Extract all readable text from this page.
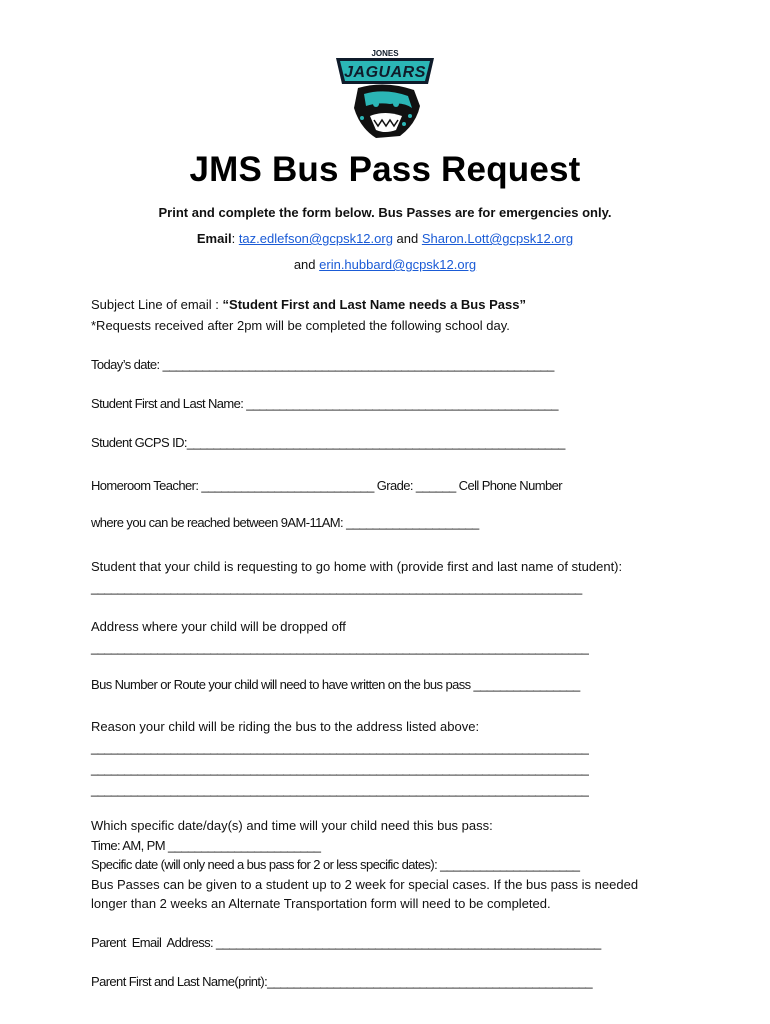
JONES
JAGUARS
JMS Bus Pass Request
Print and complete the form below. Bus Passes are for emergencies only.
Email: taz.edlefson@gcpsk12.org and Sharon.Lott@gcpsk12.org
and erin.hubbard@gcpsk12.org
Subject Line of email : “Student First and Last Name needs a Bus Pass”
*Requests received after 2pm will be completed the following school day.
Today’s date: ___________________________________________________________
Student First and Last Name: _______________________________________________
Student GCPS ID:_________________________________________________________
Homeroom Teacher: __________________________ Grade: ______ Cell Phone Number
where you can be reached between 9AM-11AM: ____________________
Student that your child is requesting to go home with (provide first and last name of student):
__________________________________________________________________________
Address where your child will be dropped off
___________________________________________________________________________
Bus Number or Route your child will need to have written on the bus pass ________________
Reason your child will be riding the bus to the address listed above:
___________________________________________________________________________
___________________________________________________________________________
___________________________________________________________________________
Which specific date/day(s) and time will your child need this bus pass:
Time: AM, PM _______________________
Specific date (will only need a bus pass for 2 or less specific dates): _____________________
Bus Passes can be given to a student up to 2 week for special cases. If the bus pass is needed
longer than 2 weeks an Alternate Transportation form will need to be completed.
Parent  Email  Address: __________________________________________________________
Parent First and Last Name(print):_________________________________________________
